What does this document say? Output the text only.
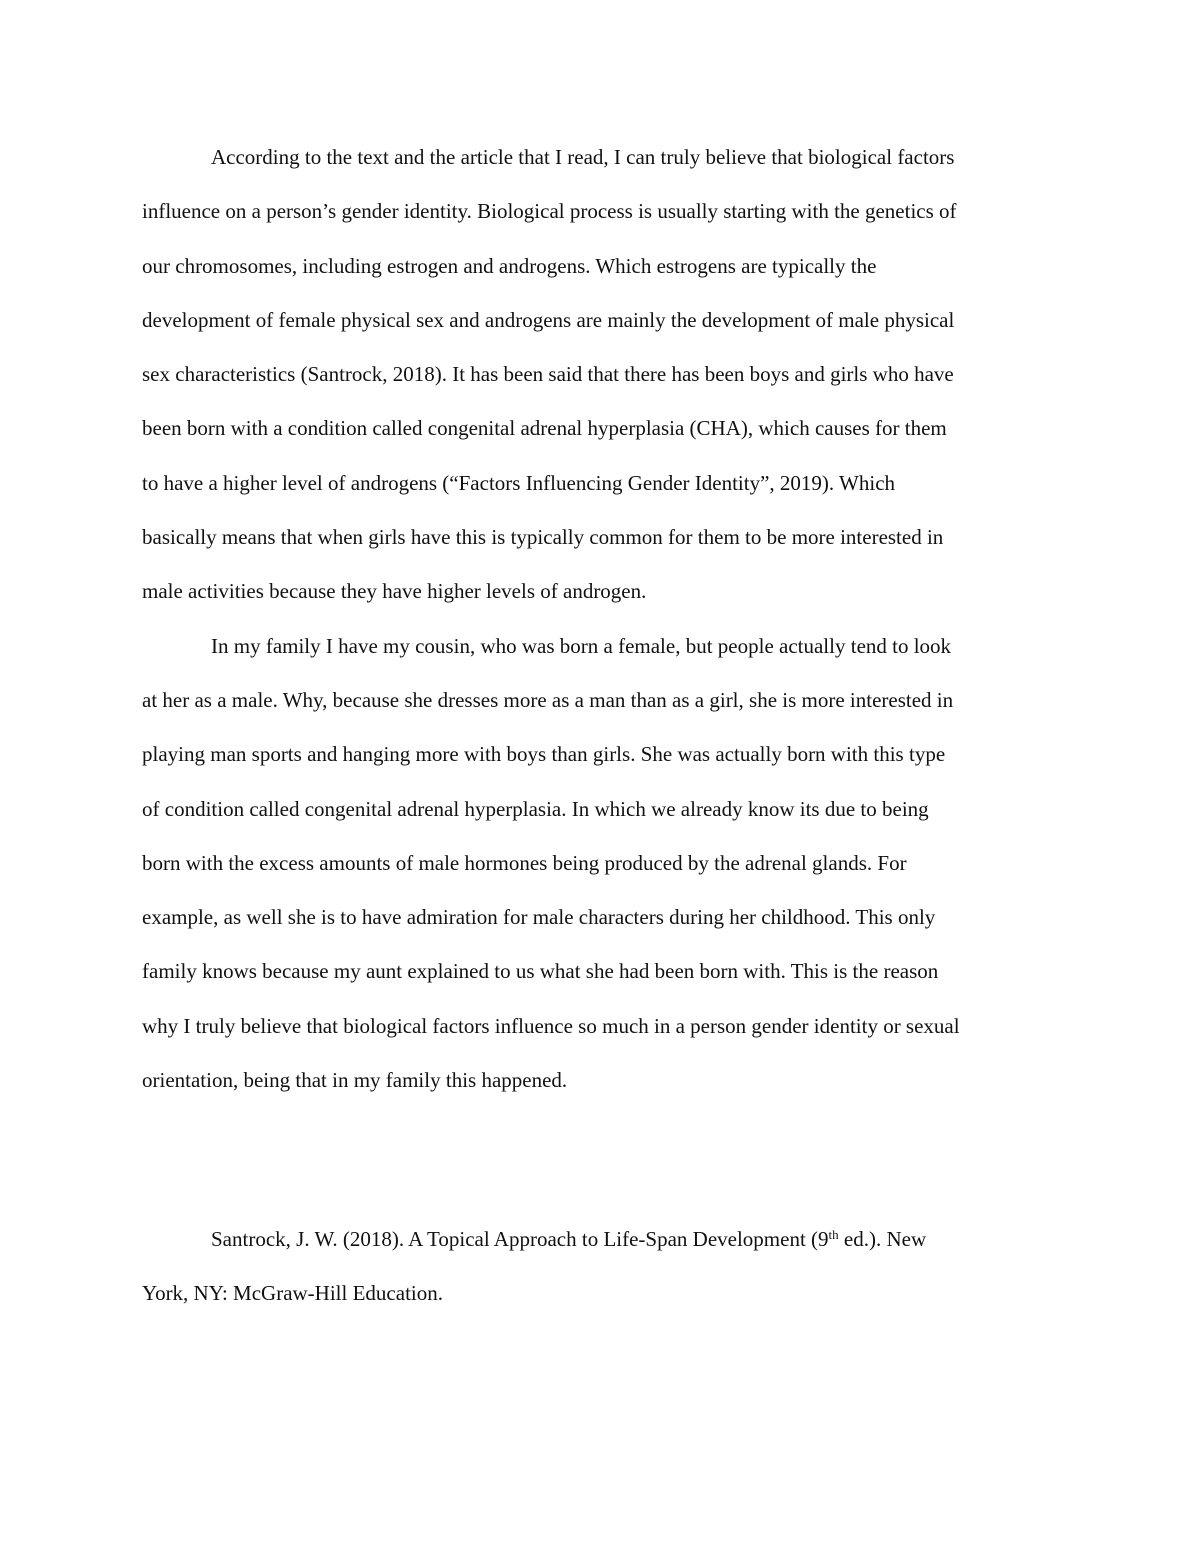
According to the text and the article that I read, I can truly believe that biological factors
influence on a person’s gender identity. Biological process is usually starting with the genetics of
our chromosomes, including estrogen and androgens. Which estrogens are typically the
development of female physical sex and androgens are mainly the development of male physical
sex characteristics (Santrock, 2018). It has been said that there has been boys and girls who have
been born with a condition called congenital adrenal hyperplasia (CHA), which causes for them
to have a higher level of androgens (“Factors Influencing Gender Identity”, 2019). Which
basically means that when girls have this is typically common for them to be more interested in
male activities because they have higher levels of androgen.
In my family I have my cousin, who was born a female, but people actually tend to look
at her as a male. Why, because she dresses more as a man than as a girl, she is more interested in
playing man sports and hanging more with boys than girls. She was actually born with this type
of condition called congenital adrenal hyperplasia. In which we already know its due to being
born with the excess amounts of male hormones being produced by the adrenal glands. For
example, as well she is to have admiration for male characters during her childhood. This only
family knows because my aunt explained to us what she had been born with. This is the reason
why I truly believe that biological factors influence so much in a person gender identity or sexual
orientation, being that in my family this happened.
Santrock, J. W. (2018). A Topical Approach to Life-Span Development (9th ed.). New
York, NY: McGraw-Hill Education.
